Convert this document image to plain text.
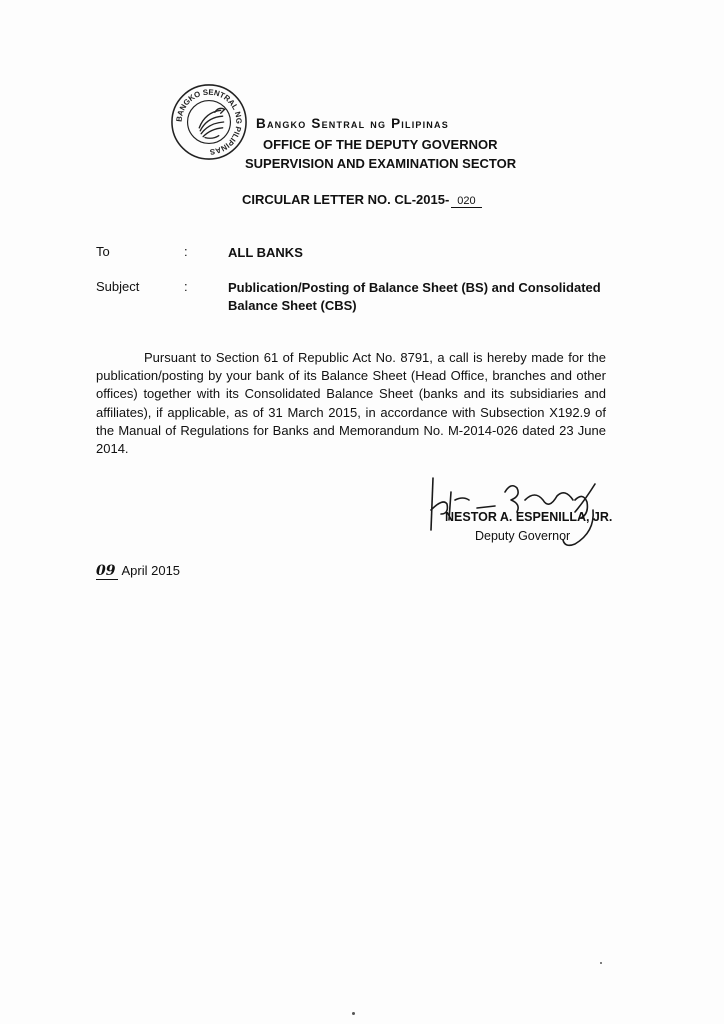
BANGKO SENTRAL NG PILIPINAS
Bangko Sentral ng Pilipinas
OFFICE OF THE DEPUTY GOVERNOR
SUPERVISION AND EXAMINATION SECTOR
CIRCULAR LETTER NO. CL-2015- 020
To	:	ALL BANKS
Subject	:	Publication/Posting of Balance Sheet (BS) and Consolidated Balance Sheet (CBS)

Pursuant to Section 61 of Republic Act No. 8791, a call is hereby made for the publication/posting by your bank of its Balance Sheet (Head Office, branches and other offices) together with its Consolidated Balance Sheet (banks and its subsidiaries and affiliates), if applicable, as of 31 March 2015, in accordance with Subsection X192.9 of the Manual of Regulations for Banks and Memorandum No. M-2014-026 dated 23 June 2014.

NESTOR A. ESPENILLA, JR.
Deputy Governor
09 April 2015
